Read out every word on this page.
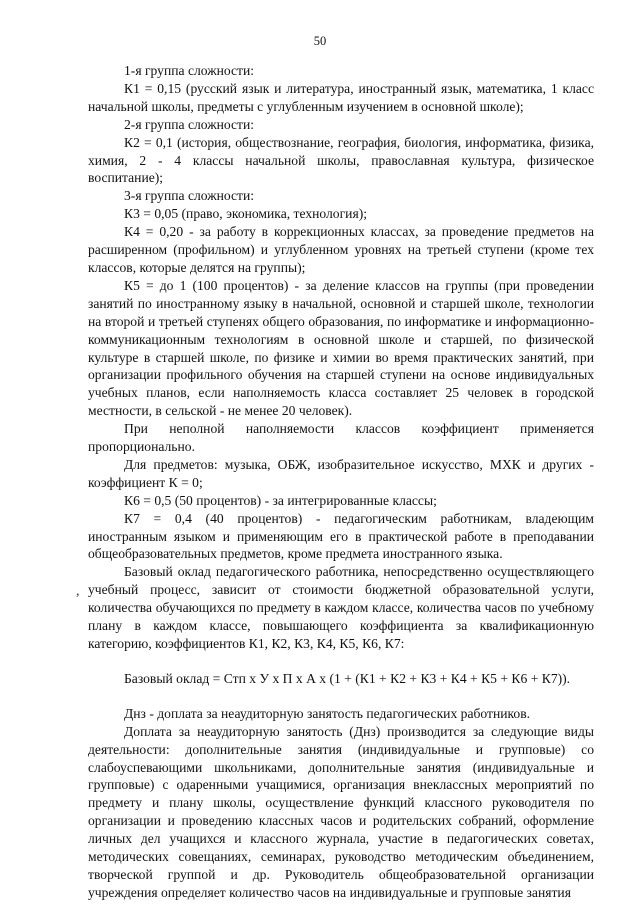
50
,

1-я группа сложности:

К1 = 0,15 (русский язык и литература, иностранный язык, математика, 1 класс начальной школы, предметы с углубленным изучением в основной школе);

2-я группа сложности:

К2 = 0,1 (история, обществознание, география, биология, информатика, физика, химия, 2 - 4 классы начальной школы, православная культура, физическое воспитание);

3-я группа сложности:

К3 = 0,05 (право, экономика, технология);

К4 = 0,20 - за работу в коррекционных классах, за проведение предметов на расширенном (профильном) и углубленном уровнях на третьей ступени (кроме тех классов, которые делятся на группы);

К5 = до 1 (100 процентов) - за деление классов на группы (при проведении занятий по иностранному языку в начальной, основной и старшей школе, технологии на второй и третьей ступенях общего образования, по информатике и информационно-коммуникационным технологиям в основной школе и старшей, по физической культуре в старшей школе, по физике и химии во время практических занятий, при организации профильного обучения на старшей ступени на основе индивидуальных учебных планов, если наполняемость класса составляет 25 человек в городской местности, в сельской - не менее 20 человек).

При неполной наполняемости классов коэффициент применяется пропорционально.

Для предметов: музыка, ОБЖ, изобразительное искусство, МХК и других - коэффициент К = 0;

К6 = 0,5 (50 процентов) - за интегрированные классы;

К7 = 0,4 (40 процентов) - педагогическим работникам, владеющим иностранным языком и применяющим его в практической работе в преподавании общеобразовательных предметов, кроме предмета иностранного языка.

Базовый оклад педагогического работника, непосредственно осуществляющего учебный процесс, зависит от стоимости бюджетной образовательной услуги, количества обучающихся по предмету в каждом классе, количества часов по учебному плану в каждом классе, повышающего коэффициента за квалификационную категорию, коэффициентов К1, К2, К3, К4, К5, К6, К7:

Базовый оклад = Стп х У х П х А х (1 + (К1 + К2 + К3 + К4 + К5 + К6 + К7)).

Днз - доплата за неаудиторную занятость педагогических работников.

Доплата за неаудиторную занятость (Днз) производится за следующие виды деятельности: дополнительные занятия (индивидуальные и групповые) со слабоуспевающими школьниками, дополнительные занятия (индивидуальные и групповые) с одаренными учащимися, организация внеклассных мероприятий по предмету и плану школы, осуществление функций классного руководителя по организации и проведению классных часов и родительских собраний, оформление личных дел учащихся и классного журнала, участие в педагогических советах, методических совещаниях, семинарах, руководство методическим объединением, творческой группой и др. Руководитель общеобразовательной организации учреждения определяет количество часов на индивидуальные и групповые занятия
